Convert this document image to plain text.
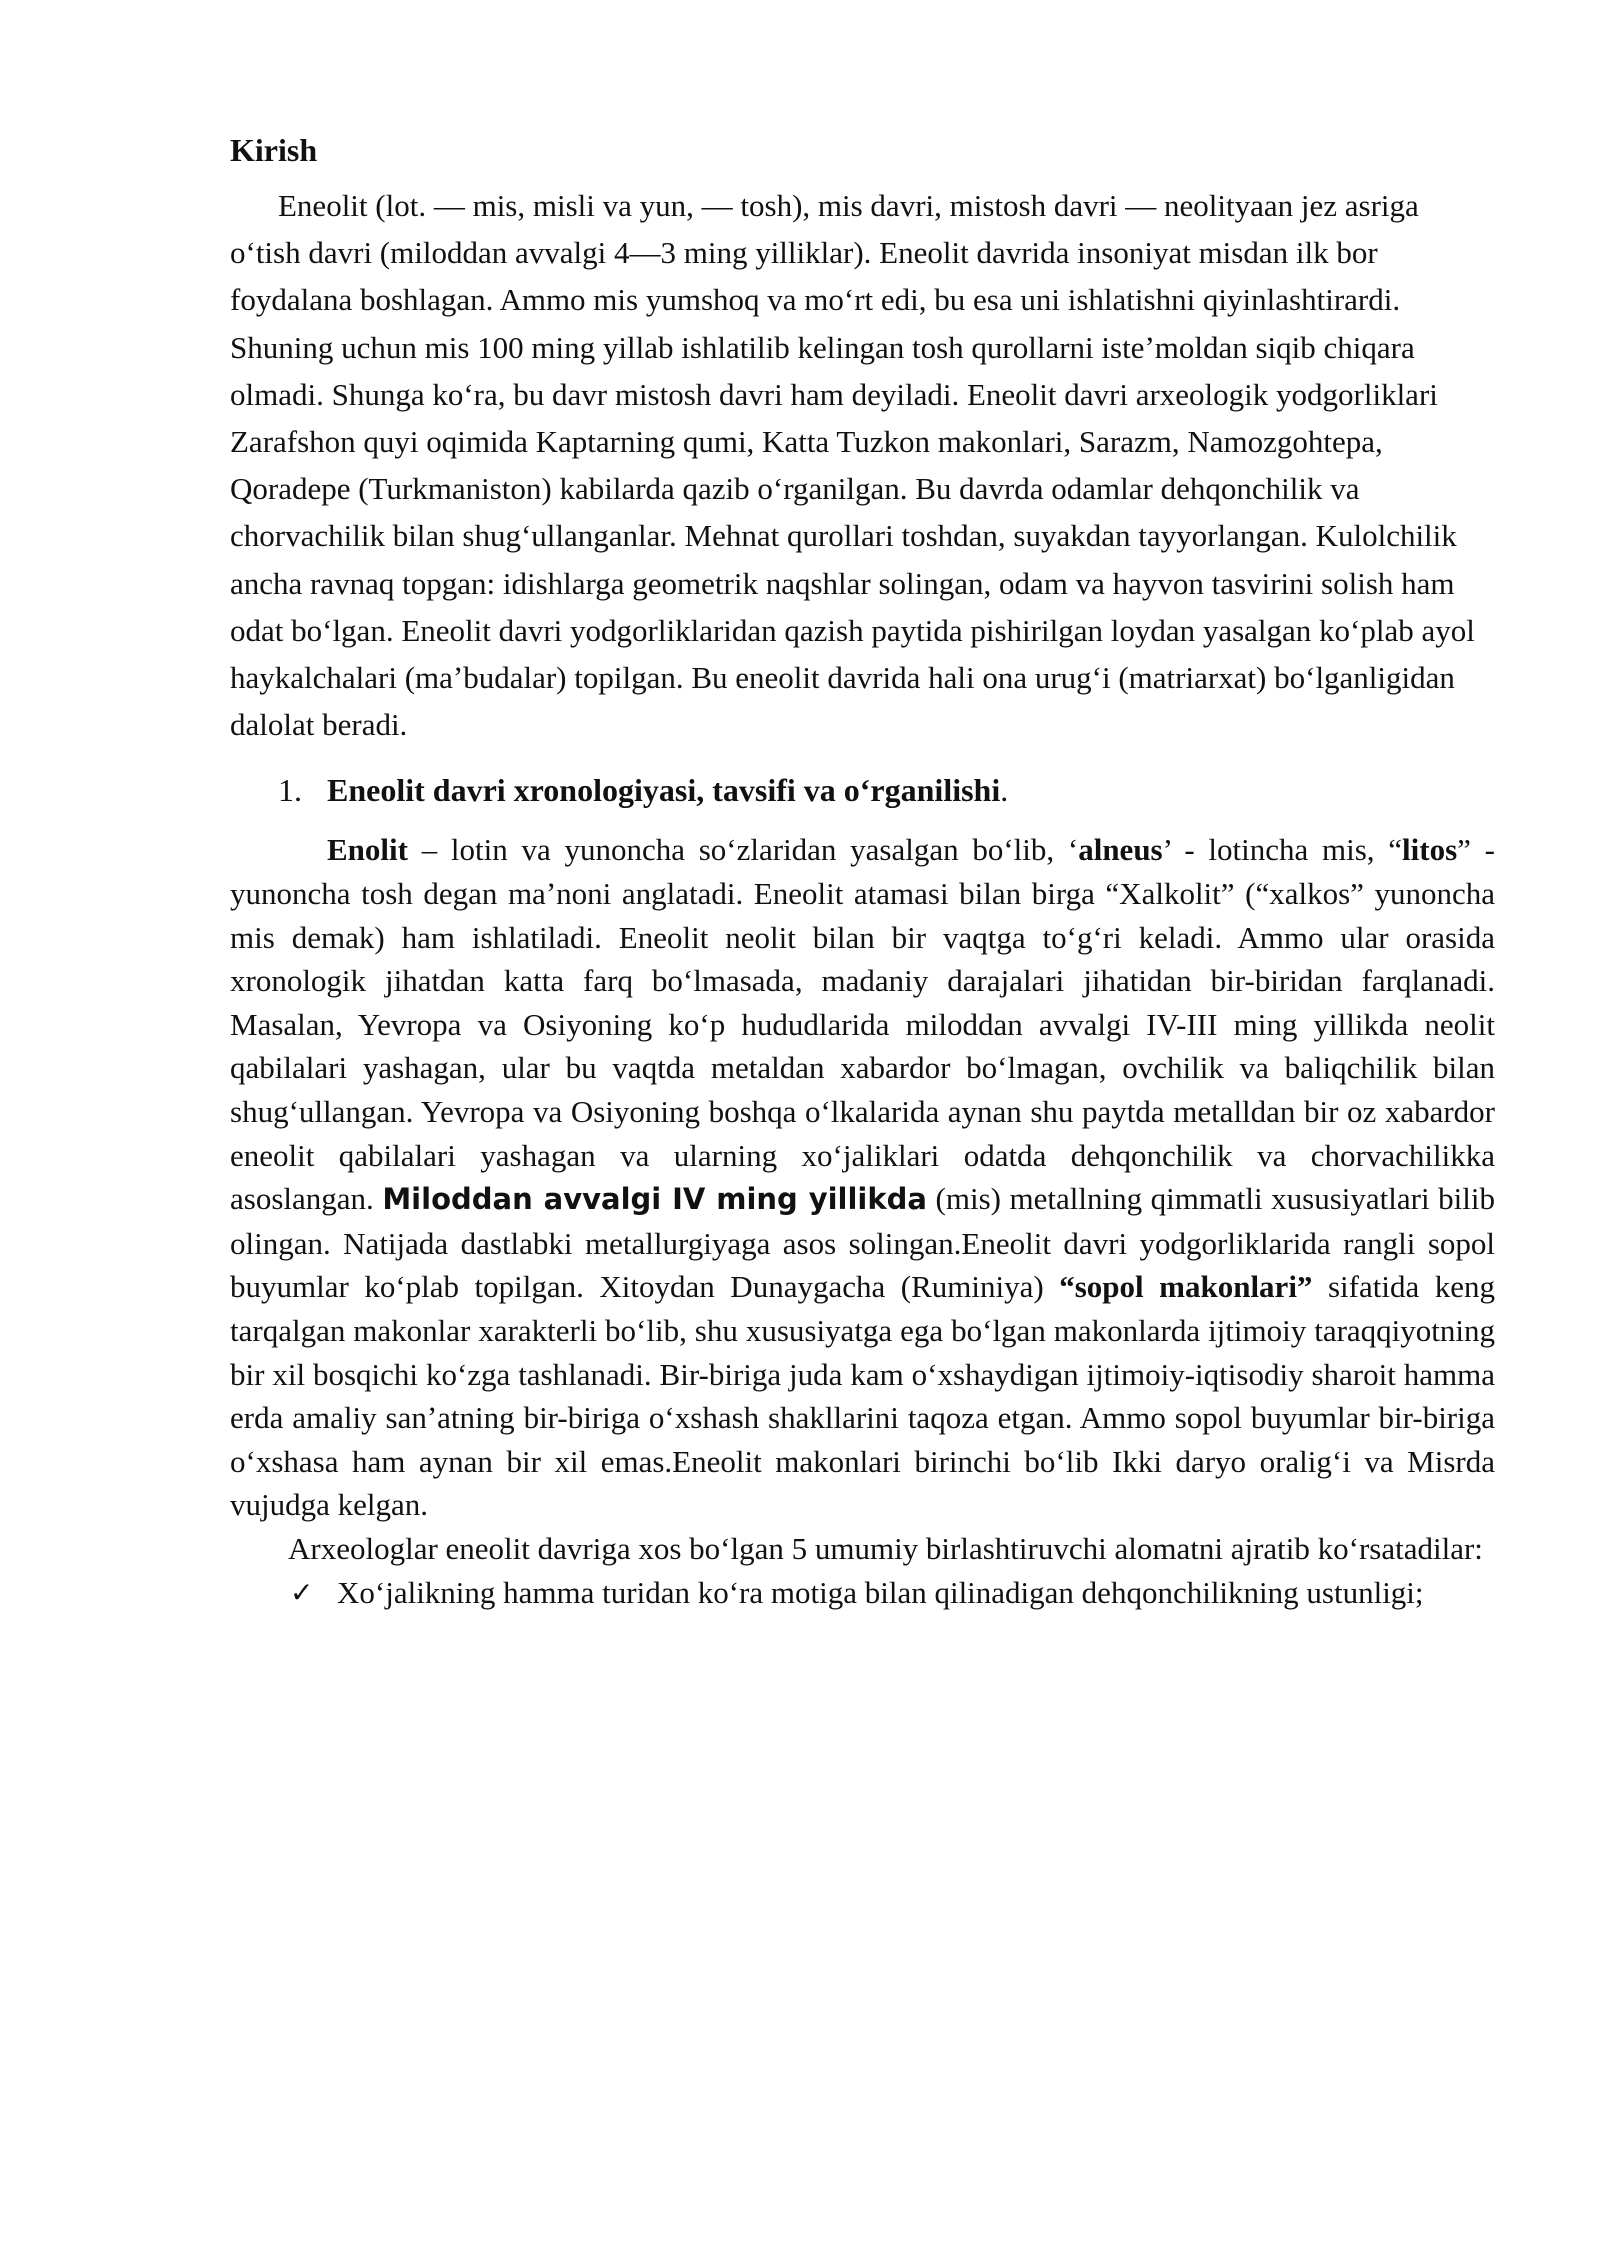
Kirish

Eneolit (lot. — mis, misli va yun, — tosh), mis davri, mistosh davri — neolityaan jez asriga oʻtish davri (miloddan avvalgi 4—3 ming yilliklar). Eneolit davrida insoniyat misdan ilk bor foydalana boshlagan. Ammo mis yumshoq va moʻrt edi, bu esa uni ishlatishni qiyinlashtirardi. Shuning uchun mis 100 ming yillab ishlatilib kelingan tosh qurollarni isteʼmoldan siqib chiqara olmadi. Shunga koʻra, bu davr mistosh davri ham deyiladi. Eneolit davri arxeologik yodgorliklari Zarafshon quyi oqimida Kaptarning qumi, Katta Tuzkon makonlari, Sarazm, Namozgohtepa, Qoradepe (Turkmaniston) kabilarda qazib oʻrganilgan. Bu davrda odamlar dehqonchilik va chorvachilik bilan shugʻullanganlar. Mehnat qurollari toshdan, suyakdan tayyorlangan. Kulolchilik ancha ravnaq topgan: idishlarga geometrik naqshlar solingan, odam va hayvon tasvirini solish ham odat boʻlgan. Eneolit davri yodgorliklaridan qazish paytida pishirilgan loydan yasalgan koʻplab ayol haykalchalari (maʼbudalar) topilgan. Bu eneolit davrida hali ona urugʻi (matriarxat) boʻlganligidan dalolat beradi.

1. Eneolit davri xronologiyasi, tavsifi va oʻrganilishi.

Enolit – lotin va yunoncha soʻzlaridan yasalgan boʻlib, ‘alneus’ - lotincha mis, “litos” - yunoncha tosh degan maʼnoni anglatadi. Eneolit atamasi bilan birga “Xalkolit” (“xalkos” yunoncha mis demak) ham ishlatiladi. Eneolit neolit bilan bir vaqtga toʻgʻri keladi. Ammo ular orasida xronologik jihatdan katta farq boʻlmasada, madaniy darajalari jihatidan bir-biridan farqlanadi. Masalan, Yevropa va Osiyoning koʻp hududlarida miloddan avvalgi IV-III ming yillikda neolit qabilalari yashagan, ular bu vaqtda metaldan xabardor boʻlmagan, ovchilik va baliqchilik bilan shugʻullangan. Yevropa va Osiyoning boshqa oʻlkalarida aynan shu paytda metalldan bir oz xabardor eneolit qabilalari yashagan va ularning xoʻjaliklari odatda dehqonchilik va chorvachilikka asoslangan. Miloddan avvalgi IV ming yillikda (mis) metallning qimmatli xususiyatlari bilib olingan. Natijada dastlabki metallurgiyaga asos solingan.Eneolit davri yodgorliklarida rangli sopol buyumlar koʻplab topilgan. Xitoydan Dunaygacha (Ruminiya) “sopol makonlari” sifatida keng tarqalgan makonlar xarakterli boʻlib, shu xususiyatga ega boʻlgan makonlarda ijtimoiy taraqqiyotning bir xil bosqichi koʻzga tashlanadi. Bir-biriga juda kam oʻxshaydigan ijtimoiy-iqtisodiy sharoit hamma erda amaliy sanʼatning bir-biriga oʻxshash shakllarini taqoza etgan. Ammo sopol buyumlar bir-biriga oʻxshasa ham aynan bir xil emas.Eneolit makonlari birinchi boʻlib Ikki daryo oraligʻi va Misrda vujudga kelgan.

Arxeologlar eneolit davriga xos boʻlgan 5 umumiy birlashtiruvchi alomatni ajratib koʻrsatadilar:

✓ Xoʻjalikning hamma turidan koʻra motiga bilan qilinadigan dehqonchilikning ustunligi;
